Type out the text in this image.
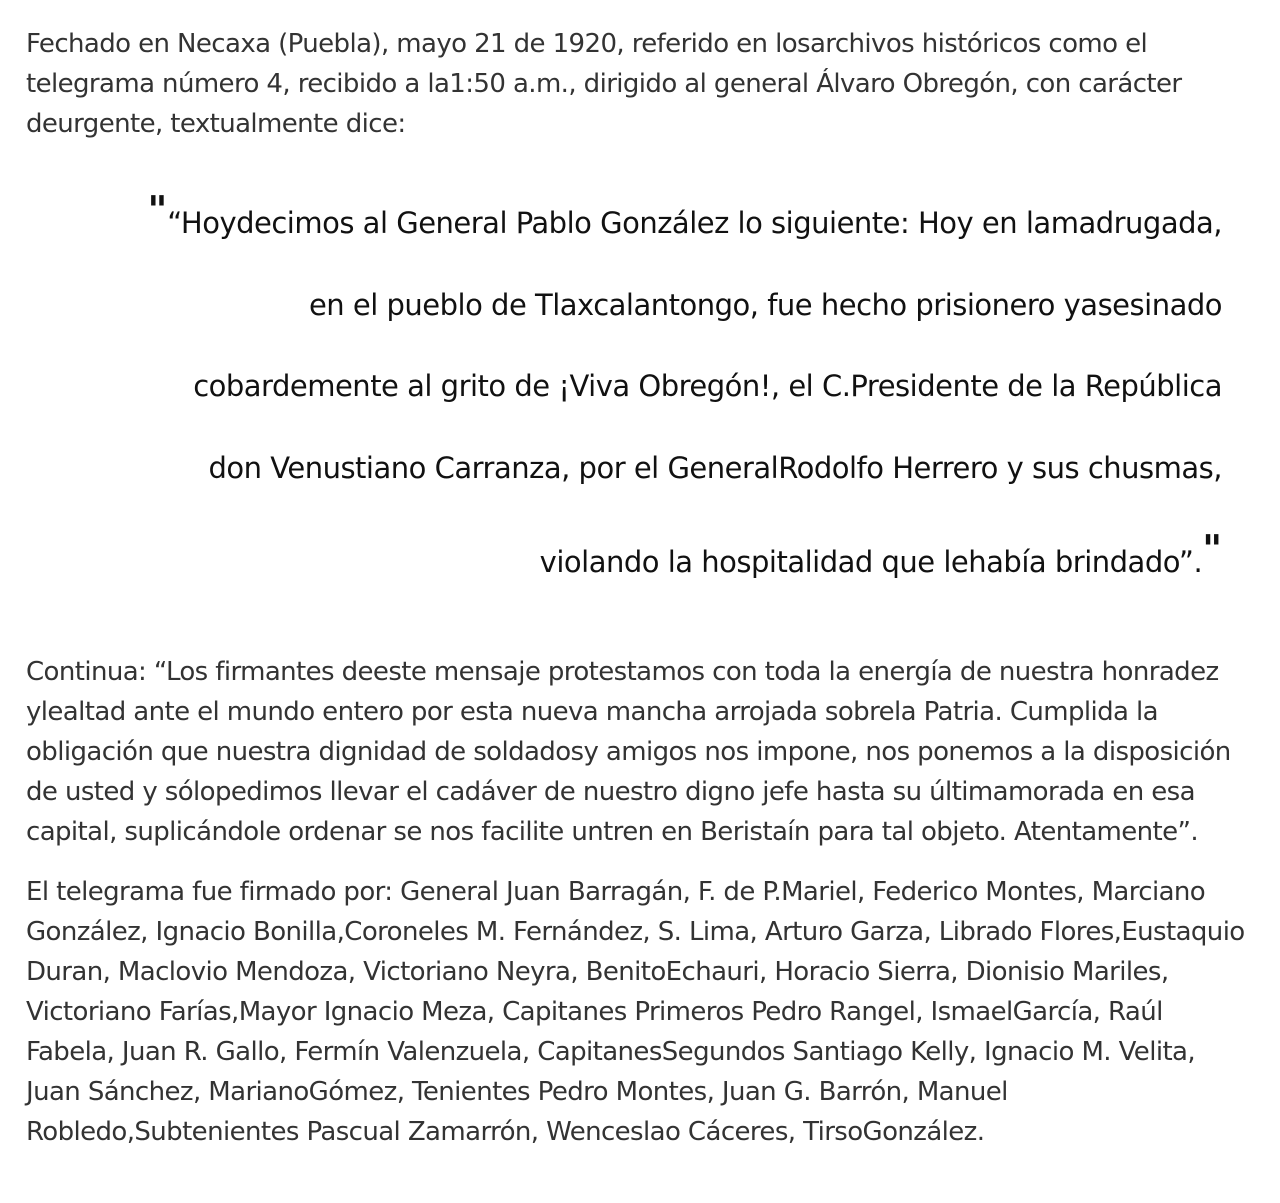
Fechado en Necaxa (Puebla), mayo 21 de 1920, referido en losarchivos históricos como el telegrama número 4, recibido a la1:50 a.m., dirigido al general Álvaro Obregón, con carácter deurgente, textualmente dice:

"“Hoydecimos al General Pablo González lo siguiente: Hoy en lamadrugada,
en el pueblo de Tlaxcalantongo, fue hecho prisionero yasesinado
cobardemente al grito de ¡Viva Obregón!, el C.Presidente de la República
don Venustiano Carranza, por el GeneralRodolfo Herrero y sus chusmas,
violando la hospitalidad que lehabía brindado”."

Continua: “Los firmantes deeste mensaje protestamos con toda la energía de nuestra honradez ylealtad ante el mundo entero por esta nueva mancha arrojada sobrela Patria. Cumplida la obligación que nuestra dignidad de soldadosy amigos nos impone, nos ponemos a la disposición de usted y sólopedimos llevar el cadáver de nuestro digno jefe hasta su últimamorada en esa capital, suplicándole ordenar se nos facilite untren en Beristaín para tal objeto. Atentamente”.

El telegrama fue firmado por: General Juan Barragán, F. de P.Mariel, Federico Montes, Marciano González, Ignacio Bonilla,Coroneles M. Fernández, S. Lima, Arturo Garza, Librado Flores,Eustaquio Duran, Maclovio Mendoza, Victoriano Neyra, BenitoEchauri, Horacio Sierra, Dionisio Mariles, Victoriano Farías,Mayor Ignacio Meza, Capitanes Primeros Pedro Rangel, IsmaelGarcía, Raúl Fabela, Juan R. Gallo, Fermín Valenzuela, CapitanesSegundos Santiago Kelly, Ignacio M. Velita, Juan Sánchez, MarianoGómez, Tenientes Pedro Montes, Juan G. Barrón, Manuel Robledo,Subtenientes Pascual Zamarrón, Wenceslao Cáceres, TirsoGonzález.
